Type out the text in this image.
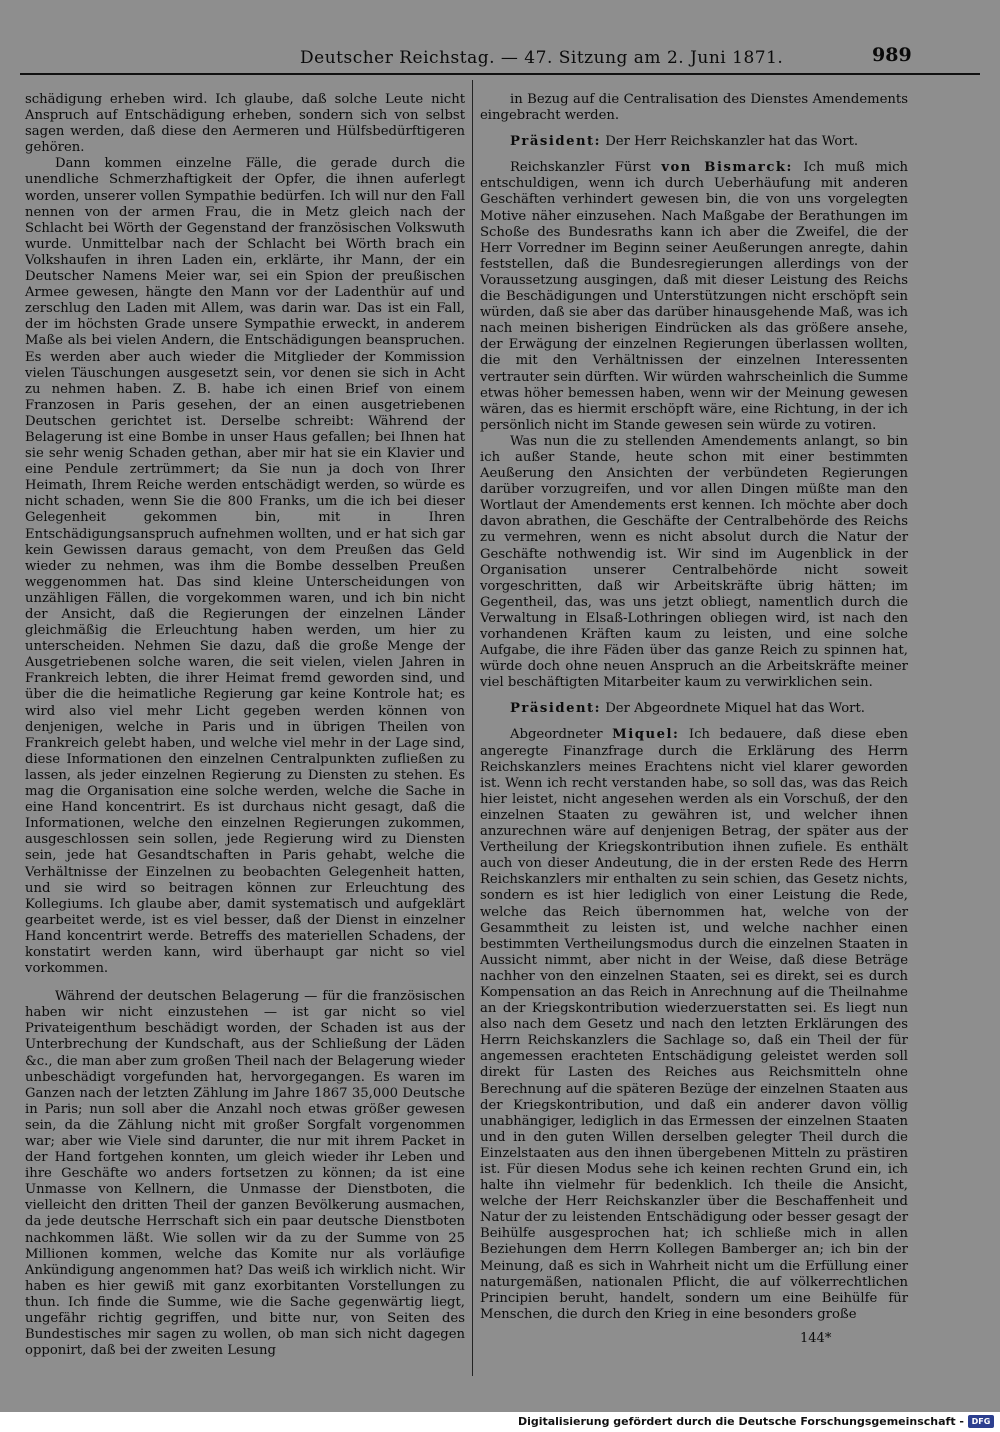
Deutscher Reichstag. — 47. Sitzung am 2. Juni 1871.	989

schädigung erheben wird. Ich glaube, daß solche Leute nicht Anspruch auf Entschädigung erheben, sondern sich von selbst sagen werden, daß diese den Aermeren und Hülfsbedürftigeren gehören.

Dann kommen einzelne Fälle, die gerade durch die unendliche Schmerzhaftigkeit der Opfer, die ihnen auferlegt worden, unserer vollen Sympathie bedürfen. Ich will nur den Fall nennen von der armen Frau, die in Metz gleich nach der Schlacht bei Wörth der Gegenstand der französischen Volkswuth wurde. Unmittelbar nach der Schlacht bei Wörth brach ein Volkshaufen in ihren Laden ein, erklärte, ihr Mann, der ein Deutscher Namens Meier war, sei ein Spion der preußischen Armee gewesen, hängte den Mann vor der Ladenthür auf und zerschlug den Laden mit Allem, was darin war. Das ist ein Fall, der im höchsten Grade unsere Sympathie erweckt, in anderem Maße als bei vielen Andern, die Entschädigungen beanspruchen. Es werden aber auch wieder die Mitglieder der Kommission vielen Täuschungen ausgesetzt sein, vor denen sie sich in Acht zu nehmen haben. Z. B. habe ich einen Brief von einem Franzosen in Paris gesehen, der an einen ausgetriebenen Deutschen gerichtet ist. Derselbe schreibt: Während der Belagerung ist eine Bombe in unser Haus gefallen; bei Ihnen hat sie sehr wenig Schaden gethan, aber mir hat sie ein Klavier und eine Pendule zertrümmert; da Sie nun ja doch von Ihrer Heimath, Ihrem Reiche werden entschädigt werden, so würde es nicht schaden, wenn Sie die 800 Franks, um die ich bei dieser Gelegenheit gekommen bin, mit in Ihren Entschädigungsanspruch aufnehmen wollten, und er hat sich gar kein Gewissen daraus gemacht, von dem Preußen das Geld wieder zu nehmen, was ihm die Bombe desselben Preußen weggenommen hat. Das sind kleine Unterscheidungen von unzähligen Fällen, die vorgekommen waren, und ich bin nicht der Ansicht, daß die Regierungen der einzelnen Länder gleichmäßig die Erleuchtung haben werden, um hier zu unterscheiden. Nehmen Sie dazu, daß die große Menge der Ausgetriebenen solche waren, die seit vielen, vielen Jahren in Frankreich lebten, die ihrer Heimat fremd geworden sind, und über die die heimatliche Regierung gar keine Kontrole hat; es wird also viel mehr Licht gegeben werden können von denjenigen, welche in Paris und in übrigen Theilen von Frankreich gelebt haben, und welche viel mehr in der Lage sind, diese Informationen den einzelnen Centralpunkten zufließen zu lassen, als jeder einzelnen Regierung zu Diensten zu stehen. Es mag die Organisation eine solche werden, welche die Sache in eine Hand koncentrirt. Es ist durchaus nicht gesagt, daß die Informationen, welche den einzelnen Regierungen zukommen, ausgeschlossen sein sollen, jede Regierung wird zu Diensten sein, jede hat Gesandtschaften in Paris gehabt, welche die Verhältnisse der Einzelnen zu beobachten Gelegenheit hatten, und sie wird so beitragen können zur Erleuchtung des Kollegiums. Ich glaube aber, damit systematisch und aufgeklärt gearbeitet werde, ist es viel besser, daß der Dienst in einzelner Hand koncentrirt werde. Betreffs des materiellen Schadens, der konstatirt werden kann, wird überhaupt gar nicht so viel vorkommen.

Während der deutschen Belagerung — für die französischen haben wir nicht einzustehen — ist gar nicht so viel Privateigenthum beschädigt worden, der Schaden ist aus der Unterbrechung der Kundschaft, aus der Schließung der Läden &c., die man aber zum großen Theil nach der Belagerung wieder unbeschädigt vorgefunden hat, hervorgegangen. Es waren im Ganzen nach der letzten Zählung im Jahre 1867 35,000 Deutsche in Paris; nun soll aber die Anzahl noch etwas größer gewesen sein, da die Zählung nicht mit großer Sorgfalt vorgenommen war; aber wie Viele sind darunter, die nur mit ihrem Packet in der Hand fortgehen konnten, um gleich wieder ihr Leben und ihre Geschäfte wo anders fortsetzen zu können; da ist eine Unmasse von Kellnern, die Unmasse der Dienstboten, die vielleicht den dritten Theil der ganzen Bevölkerung ausmachen, da jede deutsche Herrschaft sich ein paar deutsche Dienstboten nachkommen läßt. Wie sollen wir da zu der Summe von 25 Millionen kommen, welche das Komite nur als vorläufige Ankündigung angenommen hat? Das weiß ich wirklich nicht. Wir haben es hier gewiß mit ganz exorbitanten Vorstellungen zu thun. Ich finde die Summe, wie die Sache gegenwärtig liegt, ungefähr richtig gegriffen, und bitte nur, von Seiten des Bundestisches mir sagen zu wollen, ob man sich nicht dagegen opponirt, daß bei der zweiten Lesung

in Bezug auf die Centralisation des Dienstes Amendements eingebracht werden.

Präsident: Der Herr Reichskanzler hat das Wort.

Reichskanzler Fürst von Bismarck: Ich muß mich entschuldigen, wenn ich durch Ueberhäufung mit anderen Geschäften verhindert gewesen bin, die von uns vorgelegten Motive näher einzusehen. Nach Maßgabe der Berathungen im Schoße des Bundesraths kann ich aber die Zweifel, die der Herr Vorredner im Beginn seiner Aeußerungen anregte, dahin feststellen, daß die Bundesregierungen allerdings von der Voraussetzung ausgingen, daß mit dieser Leistung des Reichs die Beschädigungen und Unterstützungen nicht erschöpft sein würden, daß sie aber das darüber hinausgehende Maß, was ich nach meinen bisherigen Eindrücken als das größere ansehe, der Erwägung der einzelnen Regierungen überlassen wollten, die mit den Verhältnissen der einzelnen Interessenten vertrauter sein dürften. Wir würden wahrscheinlich die Summe etwas höher bemessen haben, wenn wir der Meinung gewesen wären, das es hiermit erschöpft wäre, eine Richtung, in der ich persönlich nicht im Stande gewesen sein würde zu votiren.

Was nun die zu stellenden Amendements anlangt, so bin ich außer Stande, heute schon mit einer bestimmten Aeußerung den Ansichten der verbündeten Regierungen darüber vorzugreifen, und vor allen Dingen müßte man den Wortlaut der Amendements erst kennen. Ich möchte aber doch davon abrathen, die Geschäfte der Centralbehörde des Reichs zu vermehren, wenn es nicht absolut durch die Natur der Geschäfte nothwendig ist. Wir sind im Augenblick in der Organisation unserer Centralbehörde nicht soweit vorgeschritten, daß wir Arbeitskräfte übrig hätten; im Gegentheil, das, was uns jetzt obliegt, namentlich durch die Verwaltung in Elsaß-Lothringen obliegen wird, ist nach den vorhandenen Kräften kaum zu leisten, und eine solche Aufgabe, die ihre Fäden über das ganze Reich zu spinnen hat, würde doch ohne neuen Anspruch an die Arbeitskräfte meiner viel beschäftigten Mitarbeiter kaum zu verwirklichen sein.

Präsident: Der Abgeordnete Miquel hat das Wort.

Abgeordneter Miquel: Ich bedauere, daß diese eben angeregte Finanzfrage durch die Erklärung des Herrn Reichskanzlers meines Erachtens nicht viel klarer geworden ist. Wenn ich recht verstanden habe, so soll das, was das Reich hier leistet, nicht angesehen werden als ein Vorschuß, der den einzelnen Staaten zu gewähren ist, und welcher ihnen anzurechnen wäre auf denjenigen Betrag, der später aus der Vertheilung der Kriegskontribution ihnen zufiele. Es enthält auch von dieser Andeutung, die in der ersten Rede des Herrn Reichskanzlers mir enthalten zu sein schien, das Gesetz nichts, sondern es ist hier lediglich von einer Leistung die Rede, welche das Reich übernommen hat, welche von der Gesammtheit zu leisten ist, und welche nachher einen bestimmten Vertheilungsmodus durch die einzelnen Staaten in Aussicht nimmt, aber nicht in der Weise, daß diese Beträge nachher von den einzelnen Staaten, sei es direkt, sei es durch Kompensation an das Reich in Anrechnung auf die Theilnahme an der Kriegskontribution wiederzuerstatten sei. Es liegt nun also nach dem Gesetz und nach den letzten Erklärungen des Herrn Reichskanzlers die Sachlage so, daß ein Theil der für angemessen erachteten Entschädigung geleistet werden soll direkt für Lasten des Reiches aus Reichsmitteln ohne Berechnung auf die späteren Bezüge der einzelnen Staaten aus der Kriegskontribution, und daß ein anderer davon völlig unabhängiger, lediglich in das Ermessen der einzelnen Staaten und in den guten Willen derselben gelegter Theil durch die Einzelstaaten aus den ihnen übergebenen Mitteln zu prästiren ist. Für diesen Modus sehe ich keinen rechten Grund ein, ich halte ihn vielmehr für bedenklich. Ich theile die Ansicht, welche der Herr Reichskanzler über die Beschaffenheit und Natur der zu leistenden Entschädigung oder besser gesagt der Beihülfe ausgesprochen hat; ich schließe mich in allen Beziehungen dem Herrn Kollegen Bamberger an; ich bin der Meinung, daß es sich in Wahrheit nicht um die Erfüllung einer naturgemäßen, nationalen Pflicht, die auf völkerrechtlichen Principien beruht, handelt, sondern um eine Beihülfe für Menschen, die durch den Krieg in eine besonders große

144*

Digitalisierung gefördert durch die Deutsche Forschungsgemeinschaft - DFG
